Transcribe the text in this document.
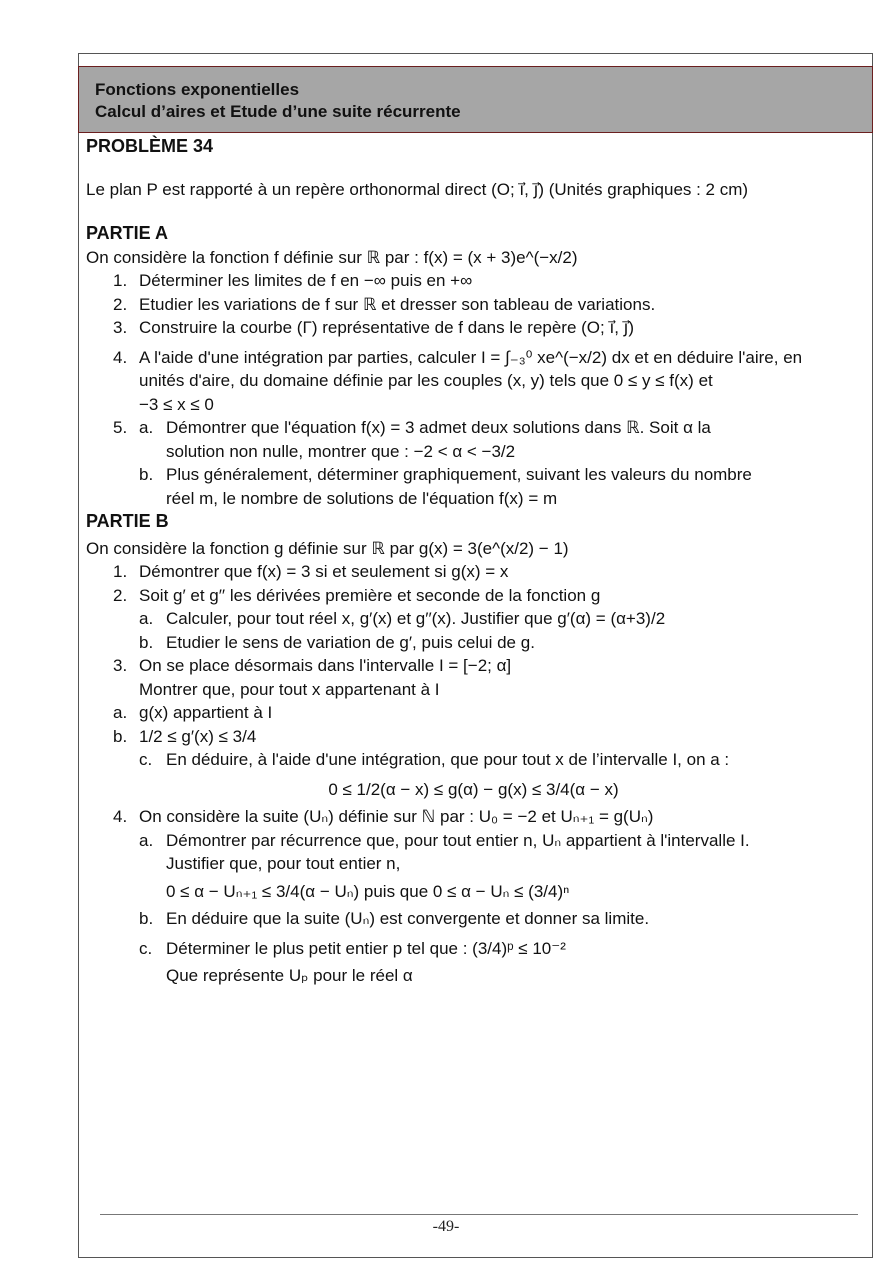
Fonctions exponentielles
Calcul d’aires et Etude d’une suite récurrente

PROBLÈME 34

Le plan P est rapporté à un repère orthonormal direct (O; i⃗, j⃗) (Unités graphiques : 2 cm)

PARTIE A

On considère la fonction f définie sur ℝ par : f(x) = (x + 3)e^(−x/2)

1. Déterminer les limites de f en −∞ puis en +∞

2. Etudier les variations de f sur ℝ et dresser son tableau de variations.

3. Construire la courbe (Γ) représentative de f dans le repère (O; i⃗, j⃗)

4. A l'aide d'une intégration par parties, calculer I = ∫₋₃⁰ xe^(−x/2) dx et en déduire l'aire, en

unités d'aire, du domaine définie par les couples (x, y) tels que 0 ≤ y ≤ f(x) et

−3 ≤ x ≤ 0

5. a. Démontrer que l'équation f(x) = 3 admet deux solutions dans ℝ. Soit α la

solution non nulle, montrer que : −2 < α < −3/2

b. Plus généralement, déterminer graphiquement, suivant les valeurs du nombre

réel m, le nombre de solutions de l'équation f(x) = m

PARTIE B

On considère la fonction g définie sur ℝ par g(x) = 3(e^(x/2) − 1)

1. Démontrer que f(x) = 3 si et seulement si g(x) = x

2. Soit g′ et g′′ les dérivées première et seconde de la fonction g

a. Calculer, pour tout réel x, g′(x) et g′′(x). Justifier que g′(α) = (α+3)/2

b. Etudier le sens de variation de g′, puis celui de g.

3. On se place désormais dans l'intervalle I = [−2; α]

Montrer que, pour tout x appartenant à I

a. g(x) appartient à I

b. 1/2 ≤ g′(x) ≤ 3/4

c. En déduire, à l'aide d'une intégration, que pour tout x de l’intervalle I, on a :

0 ≤ 1/2(α − x) ≤ g(α) − g(x) ≤ 3/4(α − x)

4. On considère la suite (Uₙ) définie sur ℕ par : U₀ = −2 et Uₙ₊₁ = g(Uₙ)

a. Démontrer par récurrence que, pour tout entier n, Uₙ appartient à l'intervalle I.

Justifier que, pour tout entier n,

0 ≤ α − Uₙ₊₁ ≤ 3/4(α − Uₙ) puis que 0 ≤ α − Uₙ ≤ (3/4)ⁿ

b. En déduire que la suite (Uₙ) est convergente et donner sa limite.

c. Déterminer le plus petit entier p tel que : (3/4)ᵖ ≤ 10⁻²

Que représente Uₚ pour le réel α

-49-
